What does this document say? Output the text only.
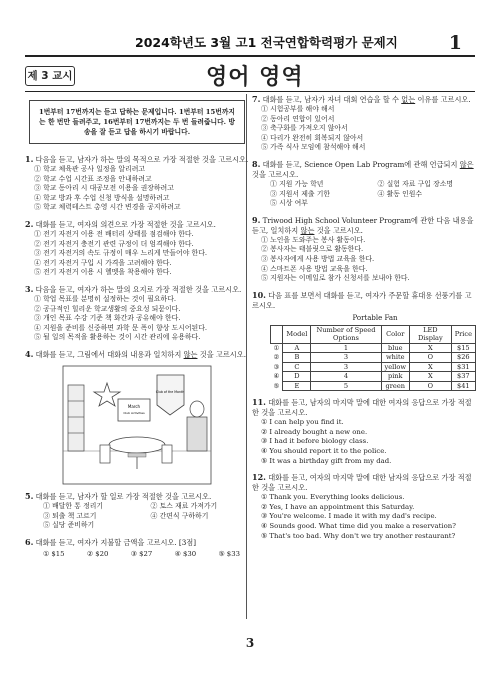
2024학년도 3월 고1 전국연합학력평가 문제지	1
제 3 교시	영어 영역
1번부터 17번까지는 듣고 답하는 문제입니다. 1번부터 15번까지는 한 번만 들려주고, 16번부터 17번까지는 두 번 들려줍니다. 방송을 잘 듣고 답을 하시기 바랍니다.
1. 다음을 듣고, 남자가 하는 말의 목적으로 가장 적절한 것을 고르시오.
① 학교 체육관 공사 일정을 알리려고
② 학교 수업 시간표 조정을 안내하려고
③ 학교 동아리 시 대공모전 이용을 권장하려고
④ 학교 방과 후 수업 신청 방식을 설명하려고
⑤ 학교 체력테스트 총영 시간 변경을 공지하려고
2. 대화를 듣고, 여자의 의견으로 가장 적절한 것을 고르시오.
① 전기 자전거 이용 전 배터리 상태를 점검해야 한다.
② 전기 자전거 충전기 관련 규정이 더 엄격해야 한다.
③ 전기 자전거의 속도 규정이 매우 느리게 만들어야 한다.
④ 전기 자전거 구입 시 가격을 고려해야 한다.
⑤ 전기 자전거 이용 시 헬멧을 착용해야 한다.
3. 다음을 듣고, 여자가 하는 말의 요지로 가장 적절한 것을 고르시오.
① 학업 목표를 분명히 설정하는 것이 필요하다.
② 공규적인 힐리운 학교생활의 중요성 되묻이다.
③ 개인 목표 수강 기준 책 화간과 공유해야 한다.
④ 지원을 준비를 신중하면 과학 문 폭이 향상 도시어된다.
⑤ 될 일의 목적을 활용하는 것이 시간 관리에 유용하다.
4. 대화를 듣고, 그림에서 대화의 내용과 일치하지 않는 것을 고르시오.
March
Club Activities
Club of the Month
5. 대화를 듣고, 남자가 할 일로 가장 적절한 것을 고르시오.
① 배달한 통 정리기	② 토스 재료 가져가기
③ 퇴출 책 고르기	④ 간편식 구하하기
⑤ 실당 준비하기
6. 대화를 듣고, 여자가 지불할 금액을 고르시오. [3점]
① $15	② $20	③ $27	④ $30	⑤ $33
7. 대화를 듣고, 남자가 자녀 대회 연습을 할 수 없는 이유를 고르시오.
① 시험공부를 해야 해서
② 동아리 연합이 있어서
③ 축구화를 가져오지 않아서
④ 다리가 완전히 회복되지 않아서
⑤ 가족 식사 모임에 참석해야 해서
8. 대화를 듣고, Science Open Lab Program에 관해 언급되지 않은 것을 고르시오.
① 지원 가능 학년	② 실험 자료 구입 장소명
③ 지원서 제출 기한	④ 활동 인원수
⑤ 시상 여부
9. Triwood High School Volunteer Program에 관한 다음 내용을 듣고, 일치하지 않는 것을 고르시오.
① 노인을 도와주는 봉사 활동이다.
② 봉사자는 태블릿으로 활동한다.
③ 봉사자에게 사용 방법 교육을 한다.
④ 스마트폰 사용 방법 교육을 한다.
⑤ 지원자는 이메일로 참가 신청서를 보내야 한다.
10. 다음 표를 보면서 대화를 듣고, 여자가 주문할 휴대용 선풍기를 고르시오.
Portable Fan
	Model	Number of Speed Options	Color	LED Display	Price
①	A	1	blue	X	$15
②	B	3	white	O	$26
③	C	3	yellow	X	$31
④	D	4	pink	X	$37
⑤	E	5	green	O	$41
11. 대화를 듣고, 남자의 마지막 말에 대한 여자의 응답으로 가장 적절한 것을 고르시오.
① I can help you find it.
② I already bought a new one.
③ I had it before biology class.
④ You should report it to the police.
⑤ It was a birthday gift from my dad.
12. 대화를 듣고, 여자의 마지막 말에 대한 남자의 응답으로 가장 적절한 것을 고르시오.
① Thank you. Everything looks delicious.
② Yes, I have an appointment this Saturday.
③ You're welcome. I made it with my dad's recipe.
④ Sounds good. What time did you make a reservation?
⑤ That's too bad. Why don't we try another restaurant?
3
